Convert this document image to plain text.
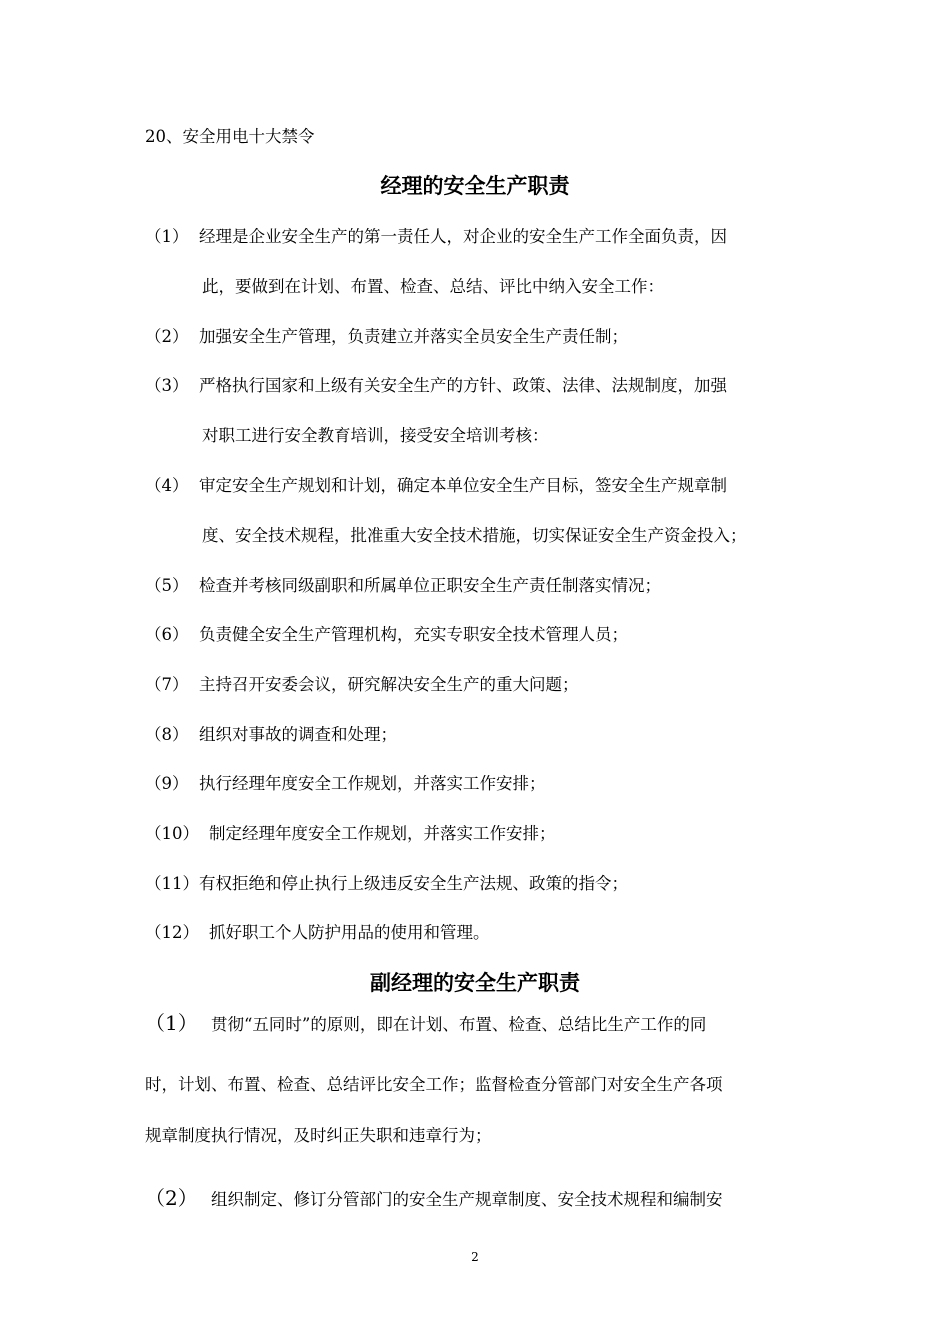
20、安全用电十大禁令
经理的安全生产职责
（1） 经理是企业安全生产的第一责任人，对企业的安全生产工作全面负责，因
此，要做到在计划、布置、检查、总结、评比中纳入安全工作：
（2） 加强安全生产管理，负责建立并落实全员安全生产责任制；
（3） 严格执行国家和上级有关安全生产的方针、政策、法律、法规制度，加强
对职工进行安全教育培训，接受安全培训考核：
（4） 审定安全生产规划和计划，确定本单位安全生产目标，签安全生产规章制
度、安全技术规程，批准重大安全技术措施，切实保证安全生产资金投入；
（5） 检查并考核同级副职和所属单位正职安全生产责任制落实情况；
（6） 负责健全安全生产管理机构，充实专职安全技术管理人员；
（7） 主持召开安委会议，研究解决安全生产的重大问题；
（8） 组织对事故的调查和处理；
（9） 执行经理年度安全工作规划，并落实工作安排；
（10） 制定经理年度安全工作规划，并落实工作安排；
（11）有权拒绝和停止执行上级违反安全生产法规、政策的指令；
（12） 抓好职工个人防护用品的使用和管理。
副经理的安全生产职责
（1） 贯彻“五同时”的原则，即在计划、布置、检查、总结比生产工作的同
时，计划、布置、检查、总结评比安全工作；监督检查分管部门对安全生产各项
规章制度执行情况，及时纠正失职和违章行为；
（2） 组织制定、修订分管部门的安全生产规章制度、安全技术规程和编制安
2
